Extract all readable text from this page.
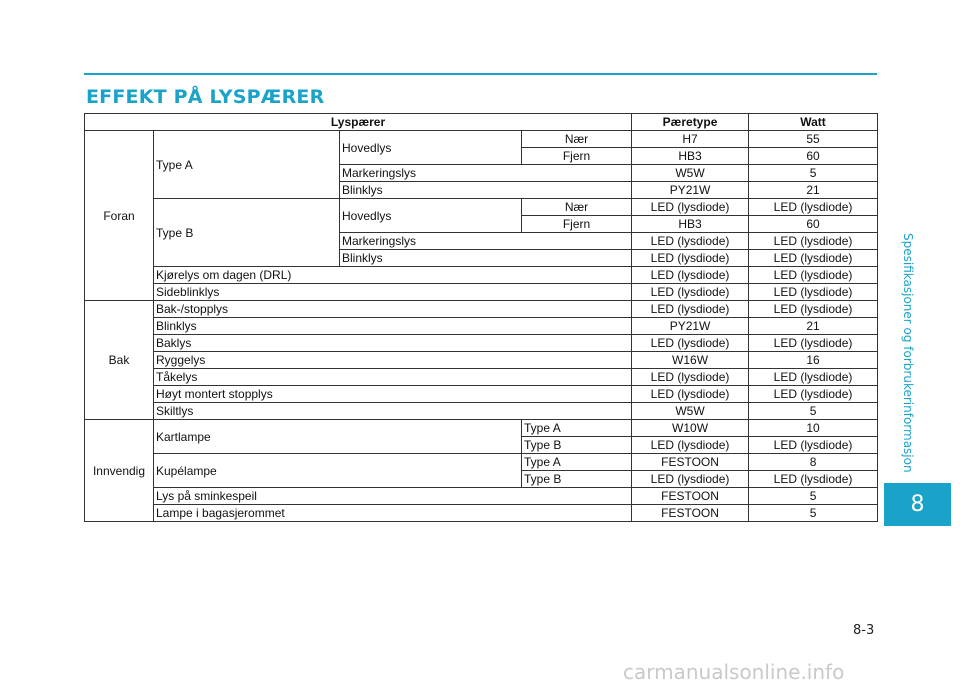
EFFEKT PÅ LYSPÆRER
Lyspærer				Pæretype	Watt
Foran	Type A	Hovedlys	Nær	H7	55
			Fjern	HB3	60
		Markeringslys		W5W	5
		Blinklys		PY21W	21
	Type B	Hovedlys	Nær	LED (lysdiode)	LED (lysdiode)
			Fjern	HB3	60
		Markeringslys		LED (lysdiode)	LED (lysdiode)
		Blinklys		LED (lysdiode)	LED (lysdiode)
	Kjørelys om dagen (DRL)			LED (lysdiode)	LED (lysdiode)
	Sideblinklys			LED (lysdiode)	LED (lysdiode)
Bak	Bak-/stopplys			LED (lysdiode)	LED (lysdiode)
	Blinklys			PY21W	21
	Baklys			LED (lysdiode)	LED (lysdiode)
	Ryggelys			W16W	16
	Tåkelys			LED (lysdiode)	LED (lysdiode)
	Høyt montert stopplys			LED (lysdiode)	LED (lysdiode)
	Skiltlys			W5W	5
Innvendig	Kartlampe		Type A	W10W	10
			Type B	LED (lysdiode)	LED (lysdiode)
	Kupélampe		Type A	FESTOON	8
			Type B	LED (lysdiode)	LED (lysdiode)
	Lys på sminkespeil			FESTOON	5
	Lampe i bagasjerommet			FESTOON	5
Spesifikasjoner og forbrukerinformasjon
8
8-3
carmanualsonline.info
